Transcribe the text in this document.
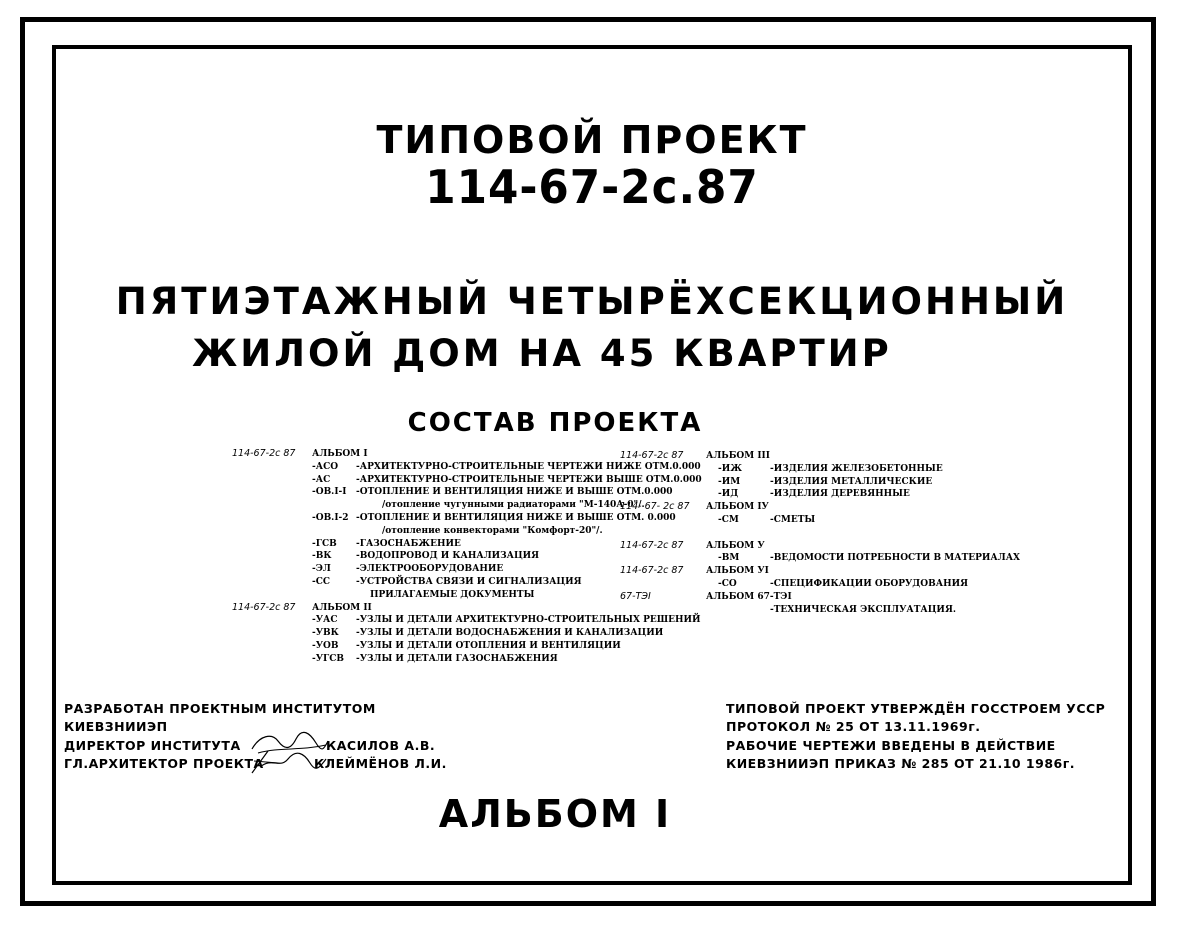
ТИПОВОЙ ПРОЕКТ
114-67-2с.87
ПЯТИЭТАЖНЫЙ ЧЕТЫРЁХСЕКЦИОННЫЙ
ЖИЛОЙ ДОМ НА 45 КВАРТИР
СОСТАВ ПРОЕКТА
114-67-2с 87 АЛЬБОМ I
-АСО -АРХИТЕКТУРНО-СТРОИТЕЛЬНЫЕ ЧЕРТЕЖИ НИЖЕ ОТМ.0.000
-АС	-АРХИТЕКТУРНО-СТРОИТЕЛЬНЫЕ ЧЕРТЕЖИ ВЫШЕ ОТМ.0.000
-ОВ.I-I -ОТОПЛЕНИЕ И ВЕНТИЛЯЦИЯ НИЖЕ И ВЫШЕ ОТМ.0.000
/отопление чугунными радиаторами "М-140А-0"/.
-ОВ.I-2 -ОТОПЛЕНИЕ И ВЕНТИЛЯЦИЯ НИЖЕ И ВЫШЕ ОТМ. 0.000
/отопление конвекторами "Комфорт-20"/.
-ГСВ -ГАЗОСНАБЖЕНИЕ
-ВК	-ВОДОПРОВОД И КАНАЛИЗАЦИЯ
-ЭЛ	-ЭЛЕКТРООБОРУДОВАНИЕ
-СС	-УСТРОЙСТВА СВЯЗИ И СИГНАЛИЗАЦИЯ
ПРИЛАГАЕМЫЕ ДОКУМЕНТЫ
114-67-2с 87 АЛЬБОМ II
-УАС -УЗЛЫ И ДЕТАЛИ АРХИТЕКТУРНО-СТРОИТЕЛЬНЫХ РЕШЕНИЙ
-УВК -УЗЛЫ И ДЕТАЛИ ВОДОСНАБЖЕНИЯ И КАНАЛИЗАЦИИ
-УОВ -УЗЛЫ И ДЕТАЛИ ОТОПЛЕНИЯ И ВЕНТИЛЯЦИИ
-УГСВ -УЗЛЫ И ДЕТАЛИ ГАЗОСНАБЖЕНИЯ
114-67-2с 87	АЛЬБОМ III
-ИЖ	-ИЗДЕЛИЯ ЖЕЛЕЗОБЕТОННЫЕ
-ИМ	-ИЗДЕЛИЯ МЕТАЛЛИЧЕСКИЕ
-ИД	-ИЗДЕЛИЯ ДЕРЕВЯННЫЕ
114- 67- 2с 87 АЛЬБОМ IУ
-СМ	-СМЕТЫ
114-67-2с 87	АЛЬБОМ У
-ВМ	-ВЕДОМОСТИ ПОТРЕБНОСТИ В МАТЕРИАЛАХ
114-67-2с 87	АЛЬБОМ УI
-СО	-СПЕЦИФИКАЦИИ ОБОРУДОВАНИЯ
67-ТЭI	АЛЬБОМ 67-ТЭI
-ТЕХНИЧЕСКАЯ ЭКСПЛУАТАЦИЯ.
РАЗРАБОТАН ПРОЕКТНЫМ ИНСТИТУТОМ
КИЕВЗНИИЭП
ДИРЕКТОР ИНСТИТУТА	КАСИЛОВ А.В.
ГЛ.АРХИТЕКТОР ПРОЕКТА	КЛЕЙМЁНОВ Л.И.
ТИПОВОЙ ПРОЕКТ УТВЕРЖДЁН ГОССТРОЕМ УССР
ПРОТОКОЛ № 25 ОТ 13.11.1969г.
РАБОЧИЕ ЧЕРТЕЖИ ВВЕДЕНЫ В ДЕЙСТВИЕ
КИЕВЗНИИЭП ПРИКАЗ № 285 ОТ 21.10 1986г.
АЛЬБОМ I
